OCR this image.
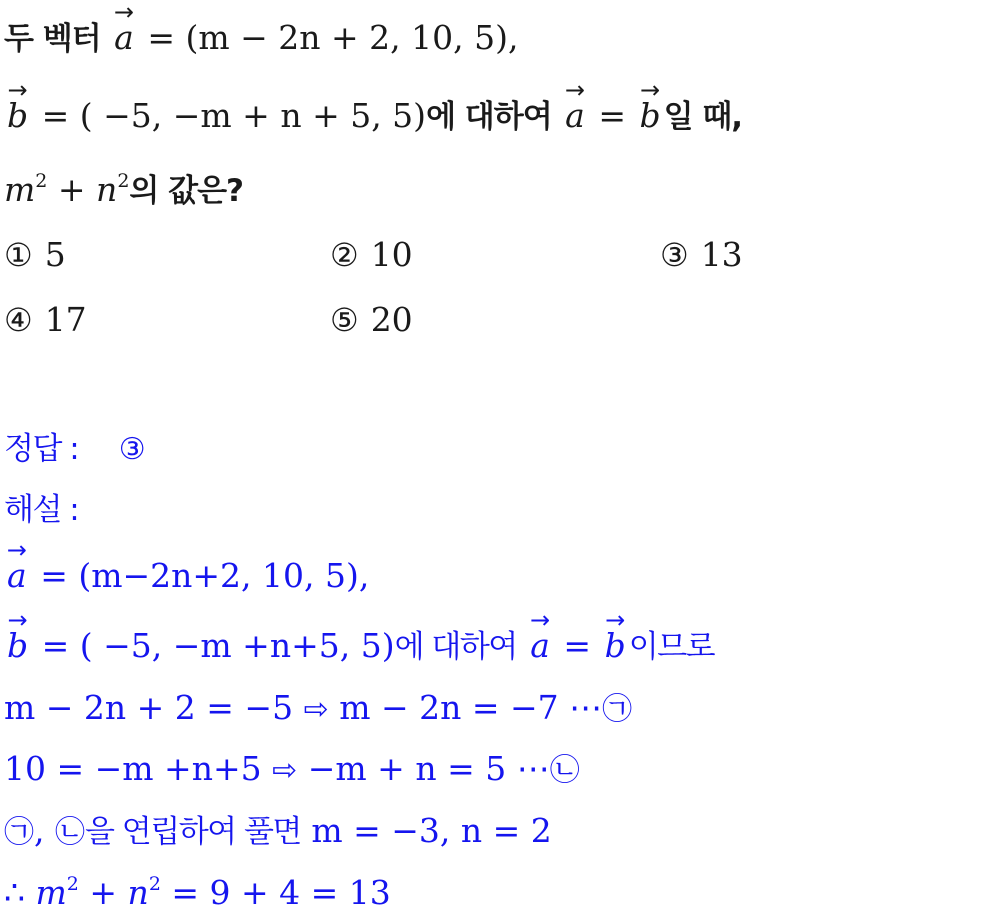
두 벡터
→
a = (m − 2n + 2, 10, 5),
→
b = ( −5, −m + n + 5, 5)에 대하여
→
a =
→
b일 때,
$m^2 + n^2$의 값은?
① 5	② 10	③ 13
④ 17	⑤ 20
정답 : ③
해설 :
→
a = (m−2n+2, 10, 5),
→
b = ( −5, −m +n+5, 5)에 대하여
→
a =
→
b이므로
m − 2n + 2 = −5 ⇨ m − 2n = −7 ⋯㉠
10 = −m +n+5 ⇨ −m + n = 5 ⋯㉡
㉠, ㉡을 연립하여 풀면 m = −3, n = 2
∴ $m^2 + n^2 = 9 + 4 = 13$
